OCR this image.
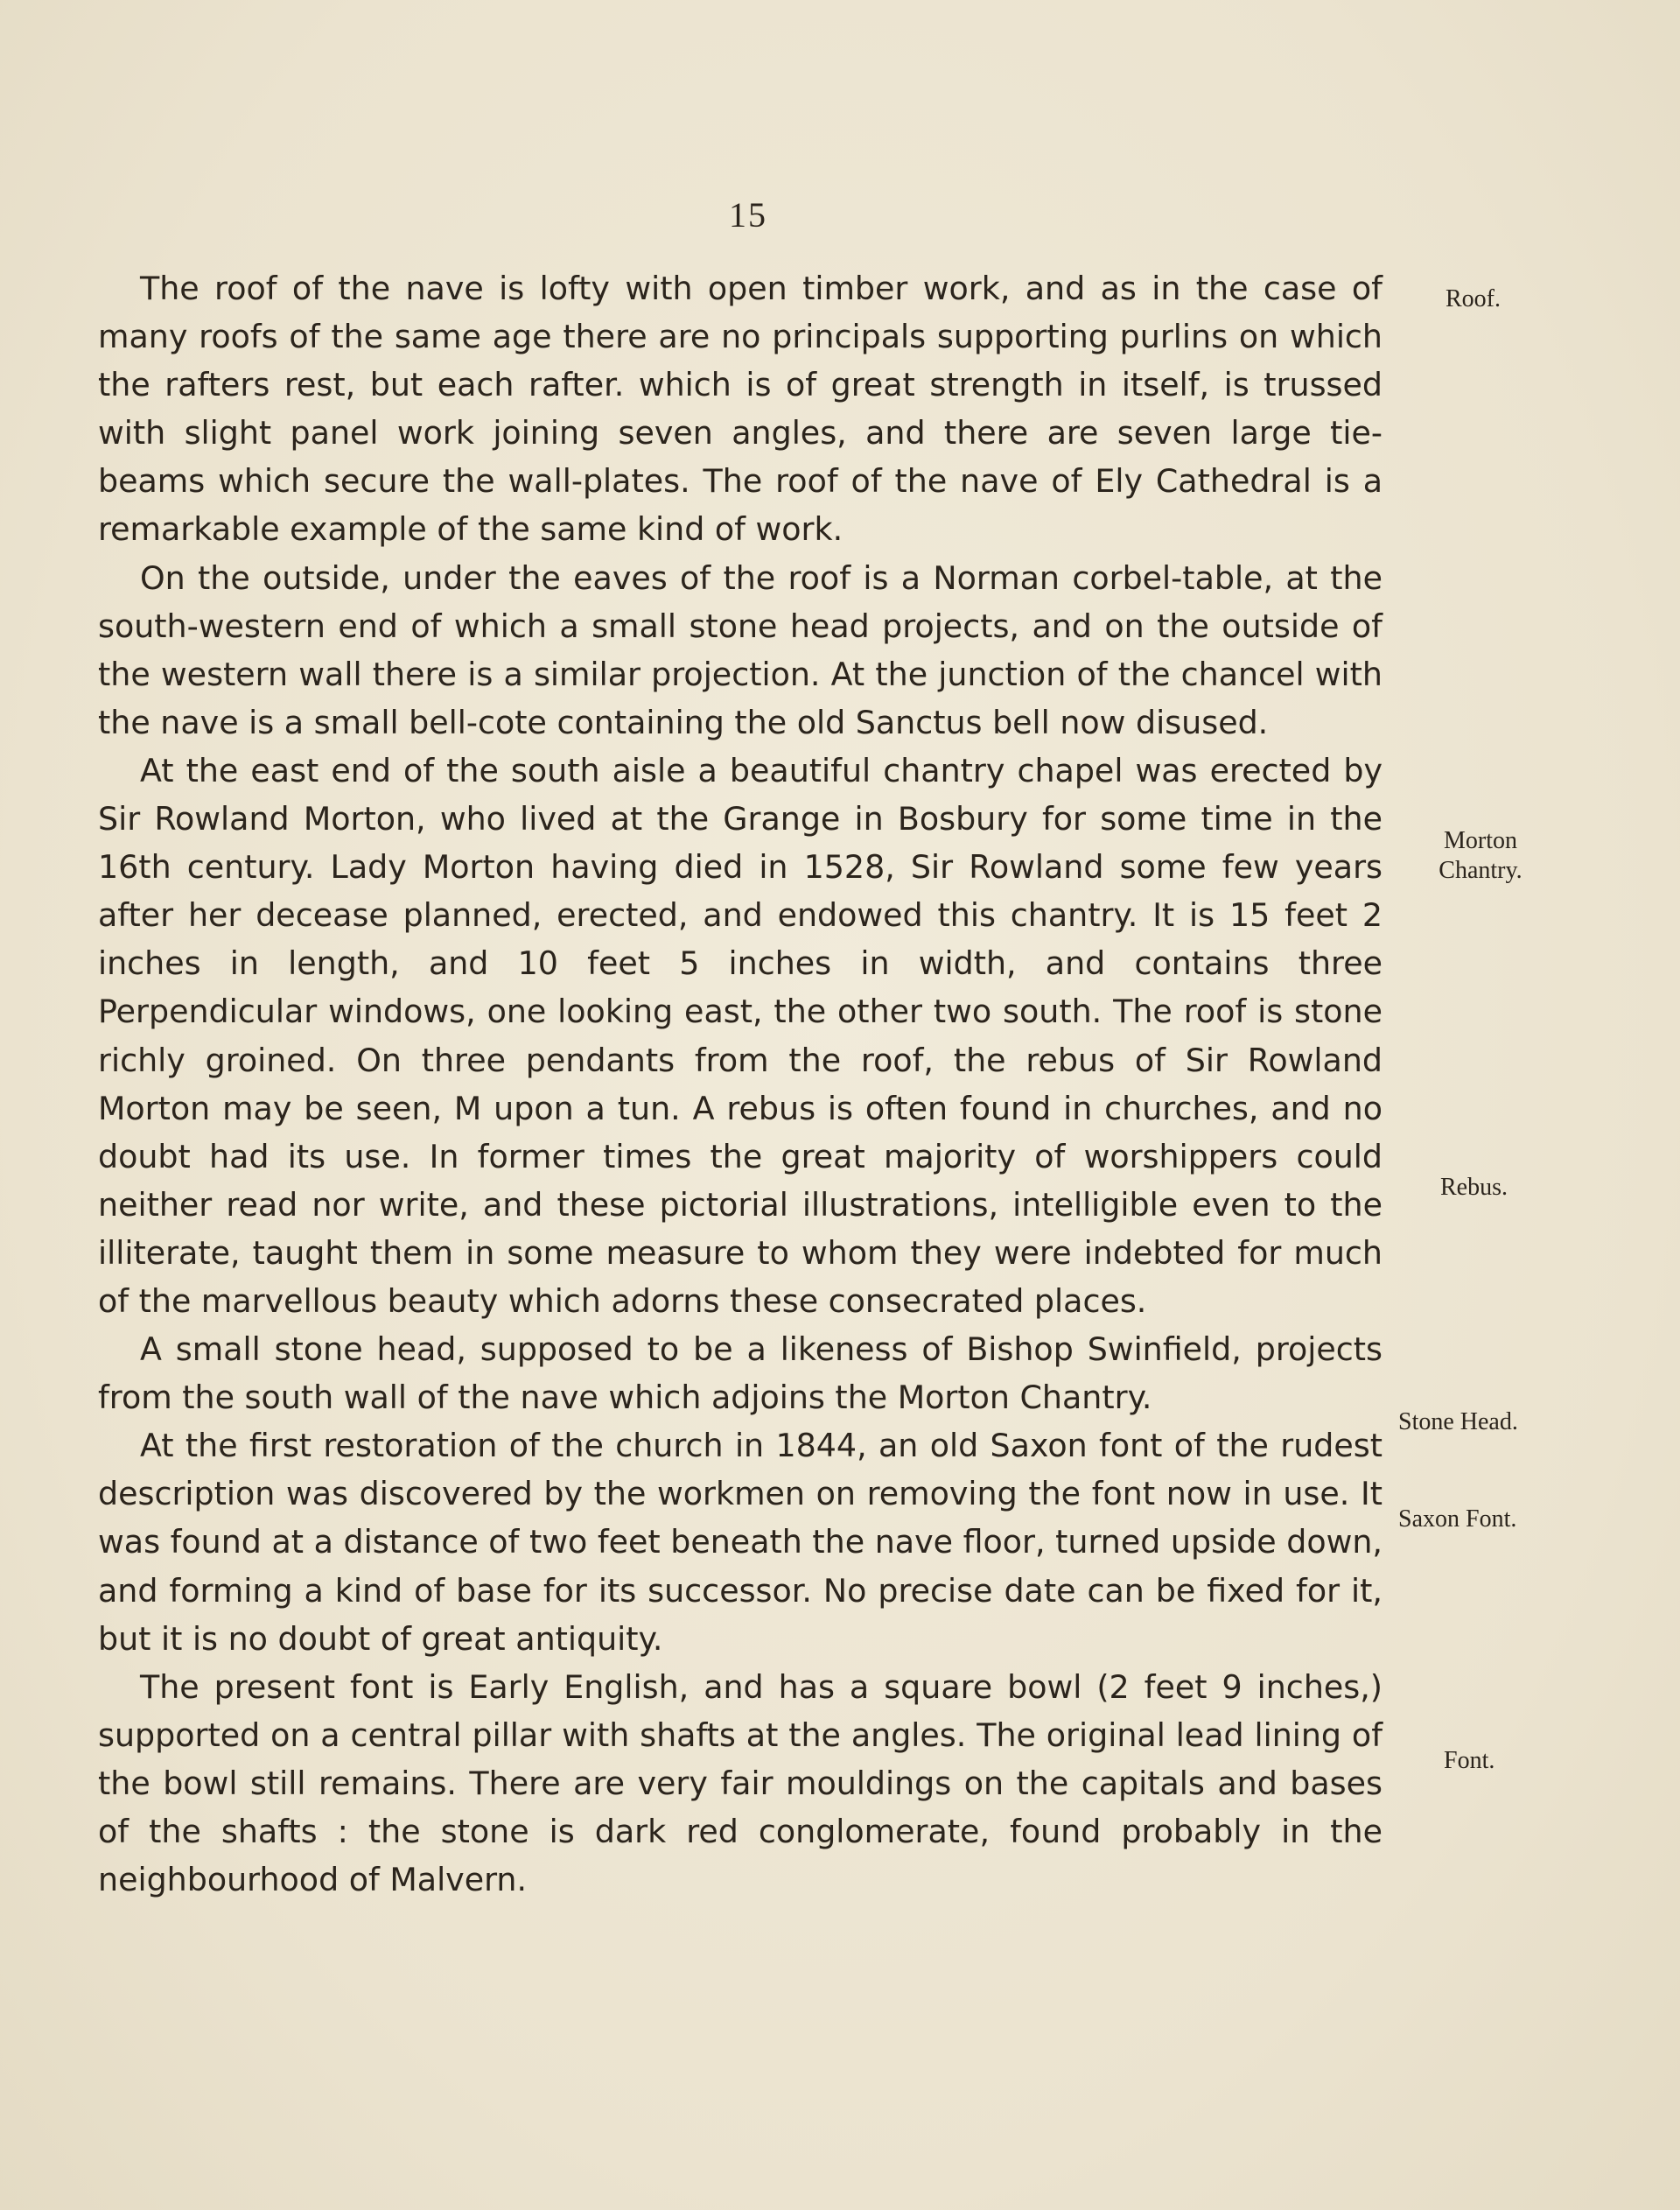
15

The roof of the nave is lofty with open timber work, and as in the case of many roofs of the same age there are no principals supporting purlins on which the rafters rest, but each rafter. which is of great strength in itself, is trussed with slight panel work joining seven angles, and there are seven large tie-beams which secure the wall-plates. The roof of the nave of Ely Cathedral is a remarkable example of the same kind of work.

On the outside, under the eaves of the roof is a Norman corbel-table, at the south-western end of which a small stone head projects, and on the outside of the western wall there is a similar projection. At the junction of the chancel with the nave is a small bell-cote containing the old Sanctus bell now disused.

At the east end of the south aisle a beautiful chantry chapel was erected by Sir Rowland Morton, who lived at the Grange in Bosbury for some time in the 16th century. Lady Morton having died in 1528, Sir Rowland some few years after her decease planned, erected, and endowed this chantry. It is 15 feet 2 inches in length, and 10 feet 5 inches in width, and contains three Perpendicular windows, one looking east, the other two south. The roof is stone richly groined. On three pendants from the roof, the rebus of Sir Rowland Morton may be seen, M upon a tun. A rebus is often found in churches, and no doubt had its use. In former times the great majority of worshippers could neither read nor write, and these pictorial illustrations, intelligible even to the illiterate, taught them in some measure to whom they were indebted for much of the marvellous beauty which adorns these consecrated places.

A small stone head, supposed to be a likeness of Bishop Swinfield, projects from the south wall of the nave which adjoins the Morton Chantry.

At the first restoration of the church in 1844, an old Saxon font of the rudest description was discovered by the workmen on removing the font now in use. It was found at a distance of two feet beneath the nave floor, turned upside down, and forming a kind of base for its successor. No precise date can be fixed for it, but it is no doubt of great antiquity.

The present font is Early English, and has a square bowl (2 feet 9 inches,) supported on a central pillar with shafts at the angles. The original lead lining of the bowl still remains. There are very fair mouldings on the capitals and bases of the shafts : the stone is dark red conglomerate, found probably in the neighbourhood of Malvern.

Roof.
Morton
Chantry.
Rebus.
Stone Head.
Saxon Font.
Font.
